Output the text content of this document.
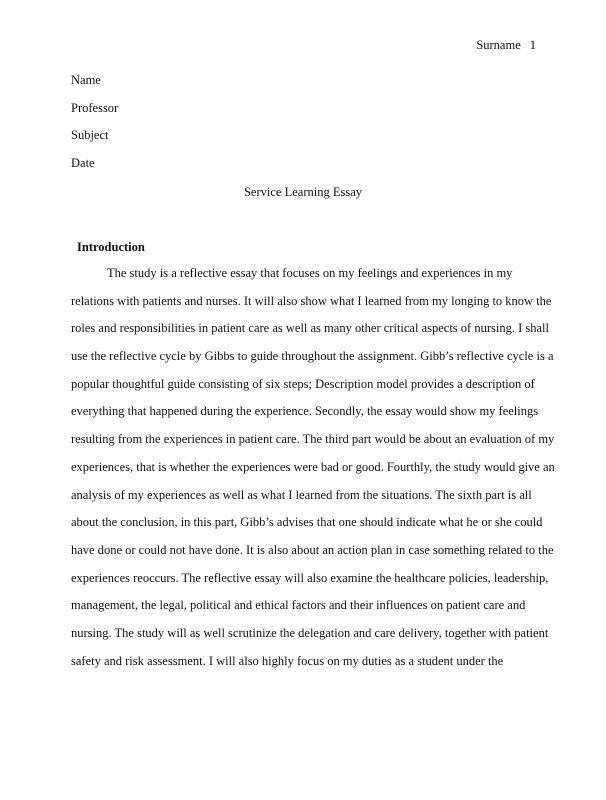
Surname 1
Name
Professor
Subject
Date
Service Learning Essay
Introduction
The study is a reflective essay that focuses on my feelings and experiences in my
relations with patients and nurses. It will also show what I learned from my longing to know the
roles and responsibilities in patient care as well as many other critical aspects of nursing. I shall
use the reflective cycle by Gibbs to guide throughout the assignment. Gibb’s reflective cycle is a
popular thoughtful guide consisting of six steps; Description model provides a description of
everything that happened during the experience. Secondly, the essay would show my feelings
resulting from the experiences in patient care. The third part would be about an evaluation of my
experiences, that is whether the experiences were bad or good. Fourthly, the study would give an
analysis of my experiences as well as what I learned from the situations. The sixth part is all
about the conclusion, in this part, Gibb’s advises that one should indicate what he or she could
have done or could not have done. It is also about an action plan in case something related to the
experiences reoccurs. The reflective essay will also examine the healthcare policies, leadership,
management, the legal, political and ethical factors and their influences on patient care and
nursing. The study will as well scrutinize the delegation and care delivery, together with patient
safety and risk assessment. I will also highly focus on my duties as a student under the
